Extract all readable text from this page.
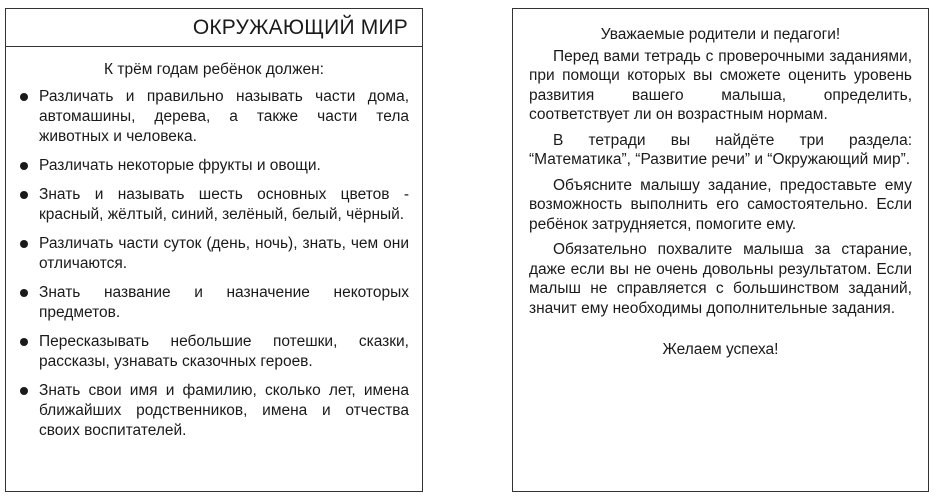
ОКРУЖАЮЩИЙ МИР
К трём годам ребёнок должен:
Различать и правильно называть части дома, автомашины, дерева, а также части тела животных и человека.
Различать некоторые фрукты и овощи.
Знать и называть шесть основных цветов - красный, жёлтый, синий, зелёный, белый, чёрный.
Различать части суток (день, ночь), знать, чем они отличаются.
Знать название и назначение некоторых предметов.
Пересказывать небольшие потешки, сказки, рассказы, узнавать сказочных героев.
Знать свои имя и фамилию, сколько лет, имена ближайших родственников, имена и отчества своих воспитателей.

Уважаемые родители и педагоги!

Перед вами тетрадь с проверочными заданиями, при помощи которых вы сможете оценить уровень развития вашего малыша, определить, соответствует ли он возрастным нормам.

В тетради вы найдёте три раздела: “Математика”, “Развитие речи” и “Окружающий мир”.

Объясните малышу задание, предоставьте ему возможность выполнить его самостоятельно. Если ребёнок затрудняется, помогите ему.

Обязательно похвалите малыша за старание, даже если вы не очень довольны результатом. Если малыш не справляется с большинством заданий, значит ему необходимы дополнительные задания.

Желаем успеха!
